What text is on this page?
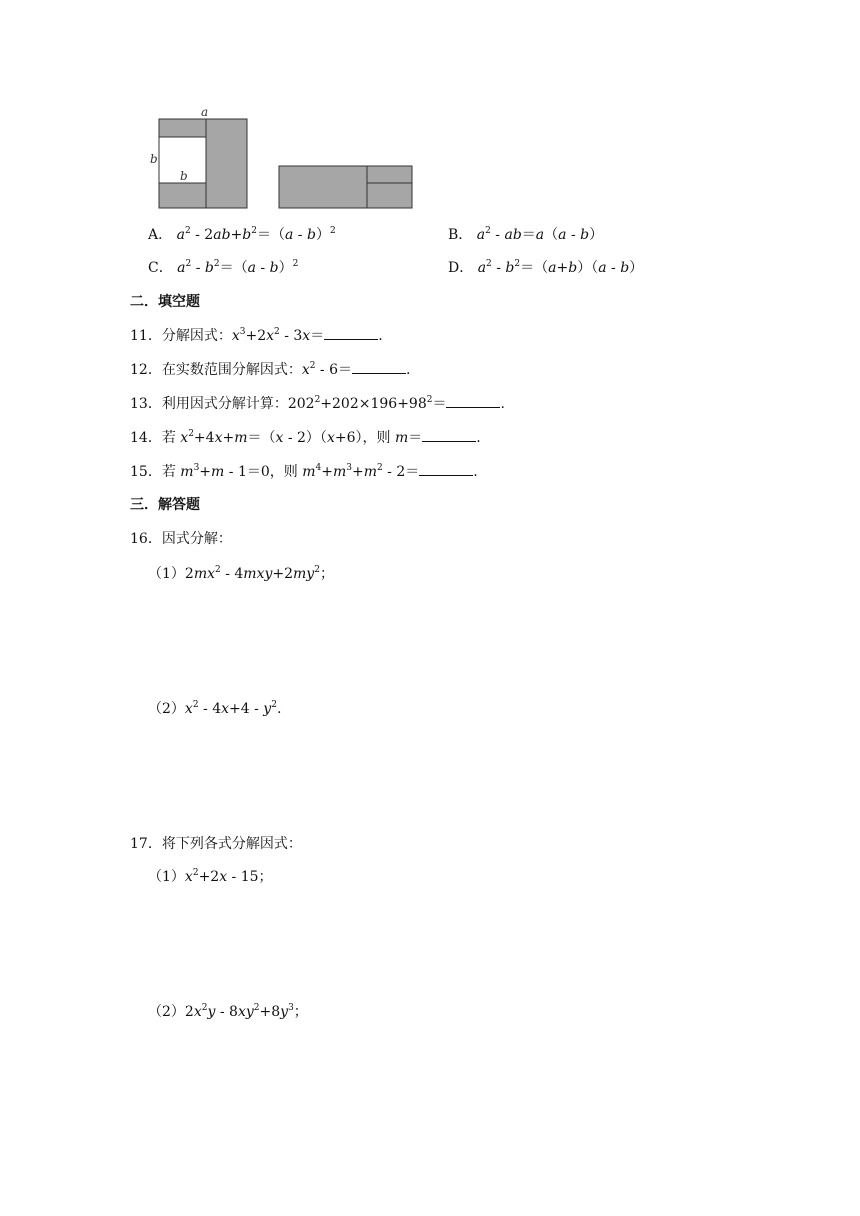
a
b
b
A． $a^2 - 2ab+b^2=(a - b)^2$	B． $a^2 - ab=a(a - b)$
C． $a^2 - b^2=(a - b)^2$	D． $a^2 - b^2=(a+b)(a - b)$
二．填空题
11．分解因式：$x^3+2x^2 - 3x=$	.
12．在实数范围分解因式：$x^2 - 6=$	.
13．利用因式分解计算：$202^2+202\times 196+98^2=$	.
14．若 $x^2+4x+m=(x - 2)(x+6)$，则 m＝	.
15．若 $m^3+m - 1=0$，则 $m^4+m^3+m^2 - 2=$	.
三．解答题
16．因式分解：
$(1)2mx^2 - 4mxy+2my^2$；
$(2)x^2 - 4x+4 - y^2$.
17．将下列各式分解因式：
$(1)x^2+2x - 15$；
$(2)2x^2y - 8xy^2+8y^3$；
